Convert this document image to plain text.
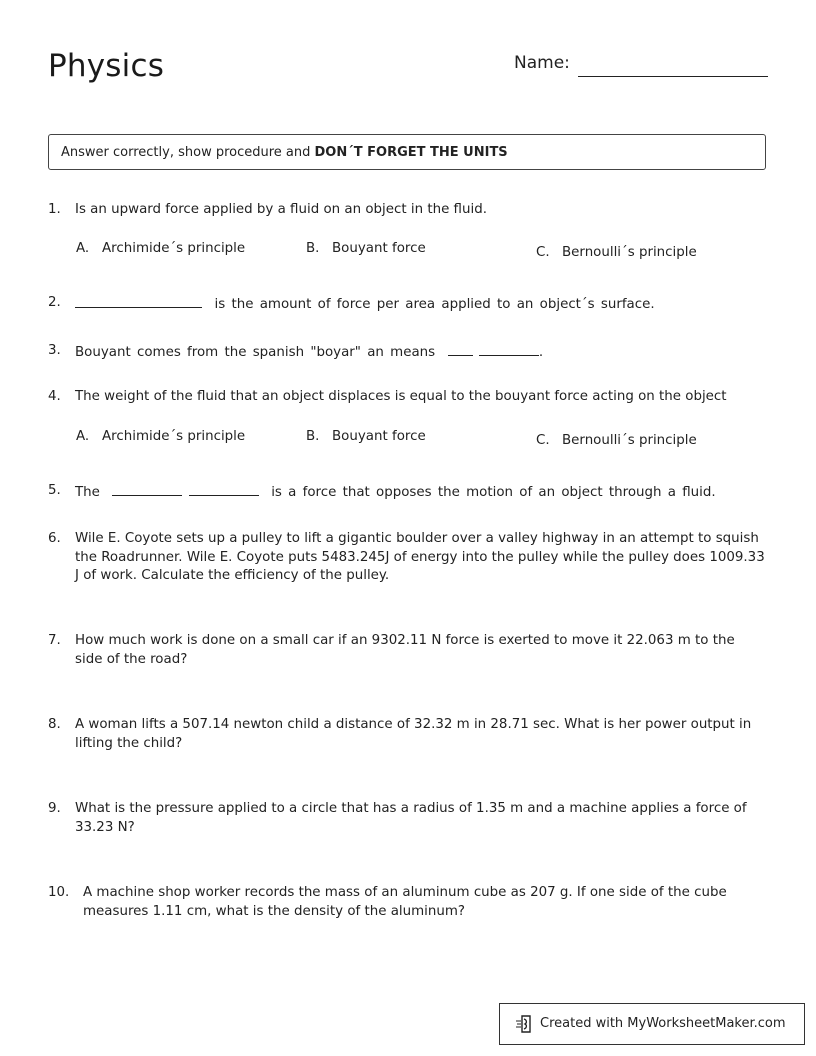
Physics	Name:
Answer correctly, show procedure and DON´T FORGET THE UNITS
1. Is an upward force applied by a fluid on an object in the fluid.
A. Archimide´s principle	B. Bouyant force	C. Bernoulli´s principle
2.	is the amount of force per area applied to an object´s surface.
3. Bouyant comes from the spanish "boyar" an means	.
4. The weight of the fluid that an object displaces is equal to the bouyant force acting on the object
A. Archimide´s principle	B. Bouyant force	C. Bernoulli´s principle
5. The	is a force that opposes the motion of an object through a fluid.
6. Wile E. Coyote sets up a pulley to lift a gigantic boulder over a valley highway in an attempt to squish the Roadrunner. Wile E. Coyote puts 5483.245J of energy into the pulley while the pulley does 1009.33 J of work. Calculate the efficiency of the pulley.
7. How much work is done on a small car if an 9302.11 N force is exerted to move it 22.063 m to the side of the road?
8. A woman lifts a 507.14 newton child a distance of 32.32 m in 28.71 sec. What is her power output in lifting the child?
9. What is the pressure applied to a circle that has a radius of 1.35 m and a machine applies a force of 33.23 N?
10. A machine shop worker records the mass of an aluminum cube as 207 g. If one side of the cube measures 1.11 cm, what is the density of the aluminum?
Created with MyWorksheetMaker.com
